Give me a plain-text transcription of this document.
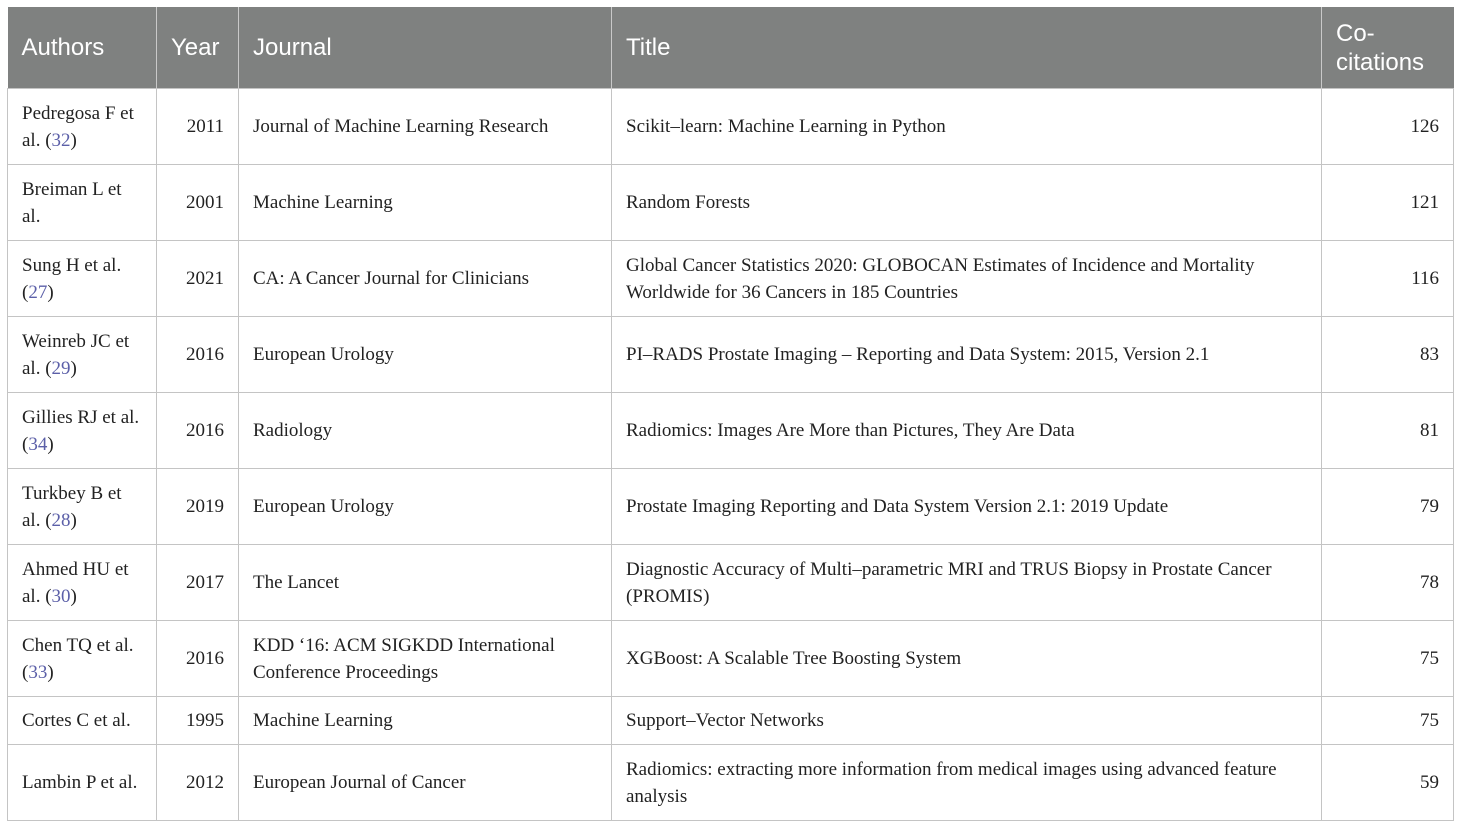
Authors	Year	Journal	Title	Co-citations
Pedregosa F et al. (32)	2011	Journal of Machine Learning Research	Scikit–learn: Machine Learning in Python	126
Breiman L et al.	2001	Machine Learning	Random Forests	121
Sung H et al. (27)	2021	CA: A Cancer Journal for Clinicians	Global Cancer Statistics 2020: GLOBOCAN Estimates of Incidence and Mortality Worldwide for 36 Cancers in 185 Countries	116
Weinreb JC et al. (29)	2016	European Urology	PI–RADS Prostate Imaging – Reporting and Data System: 2015, Version 2.1	83
Gillies RJ et al. (34)	2016	Radiology	Radiomics: Images Are More than Pictures, They Are Data	81
Turkbey B et al. (28)	2019	European Urology	Prostate Imaging Reporting and Data System Version 2.1: 2019 Update	79
Ahmed HU et al. (30)	2017	The Lancet	Diagnostic Accuracy of Multi–parametric MRI and TRUS Biopsy in Prostate Cancer (PROMIS)	78
Chen TQ et al. (33)	2016	KDD ‘16: ACM SIGKDD International Conference Proceedings	XGBoost: A Scalable Tree Boosting System	75
Cortes C et al.	1995	Machine Learning	Support–Vector Networks	75
Lambin P et al.	2012	European Journal of Cancer	Radiomics: extracting more information from medical images using advanced feature analysis	59
